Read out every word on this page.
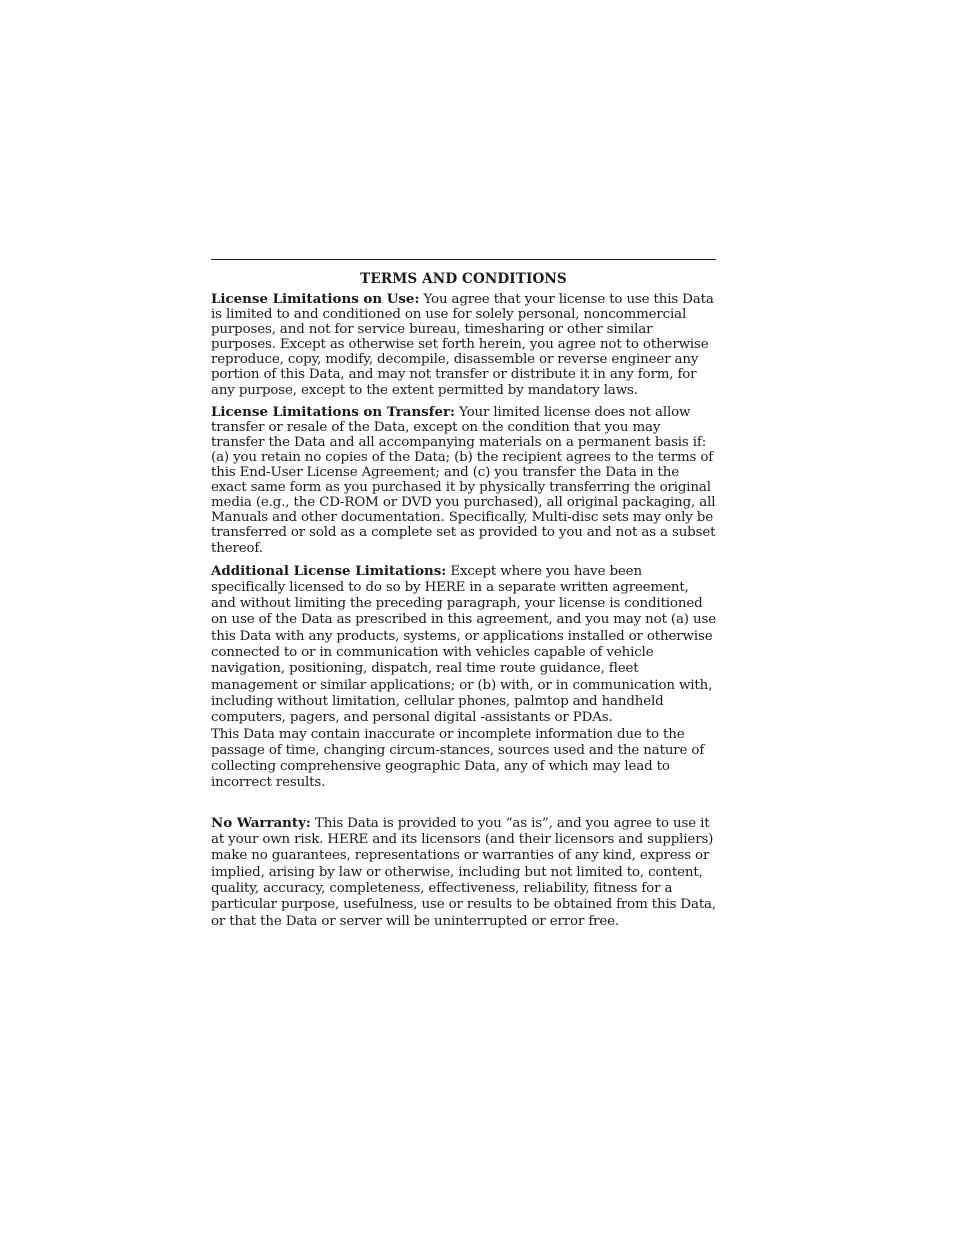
TERMS AND CONDITIONS

License Limitations on Use: You agree that your license to use this Data is limited to and conditioned on use for solely personal, noncommercial purposes, and not for service bureau, timesharing or other similar purposes. Except as otherwise set forth herein, you agree not to otherwise reproduce, copy, modify, decompile, disassemble or reverse engineer any portion of this Data, and may not transfer or distribute it in any form, for any purpose, except to the extent permitted by mandatory laws.

License Limitations on Transfer: Your limited license does not allow transfer or resale of the Data, except on the condition that you may transfer the Data and all accompanying materials on a permanent basis if: (a) you retain no copies of the Data; (b) the recipient agrees to the terms of this End-User License Agreement; and (c) you transfer the Data in the exact same form as you purchased it by physically transferring the original media (e.g., the CD-ROM or DVD you purchased), all original packaging, all Manuals and other documentation. Specifically, Multi-disc sets may only be transferred or sold as a complete set as provided to you and not as a subset thereof.

Additional License Limitations: Except where you have been specifically licensed to do so by HERE in a separate written agreement, and without limiting the preceding paragraph, your license is conditioned on use of the Data as prescribed in this agreement, and you may not (a) use this Data with any products, systems, or applications installed or otherwise connected to or in communication with vehicles capable of vehicle navigation, positioning, dispatch, real time route guidance, fleet management or similar applications; or (b) with, or in communication with, including without limitation, cellular phones, palmtop and handheld computers, pagers, and personal digital -assistants or PDAs.

This Data may contain inaccurate or incomplete information due to the passage of time, changing circum-stances, sources used and the nature of collecting comprehensive geographic Data, any of which may lead to incorrect results.

No Warranty: This Data is provided to you “as is”, and you agree to use it at your own risk. HERE and its licensors (and their licensors and suppliers) make no guarantees, representations or warranties of any kind, express or implied, arising by law or otherwise, including but not limited to, content, quality, accuracy, completeness, effectiveness, reliability, fitness for a particular purpose, usefulness, use or results to be obtained from this Data, or that the Data or server will be uninterrupted or error free.
